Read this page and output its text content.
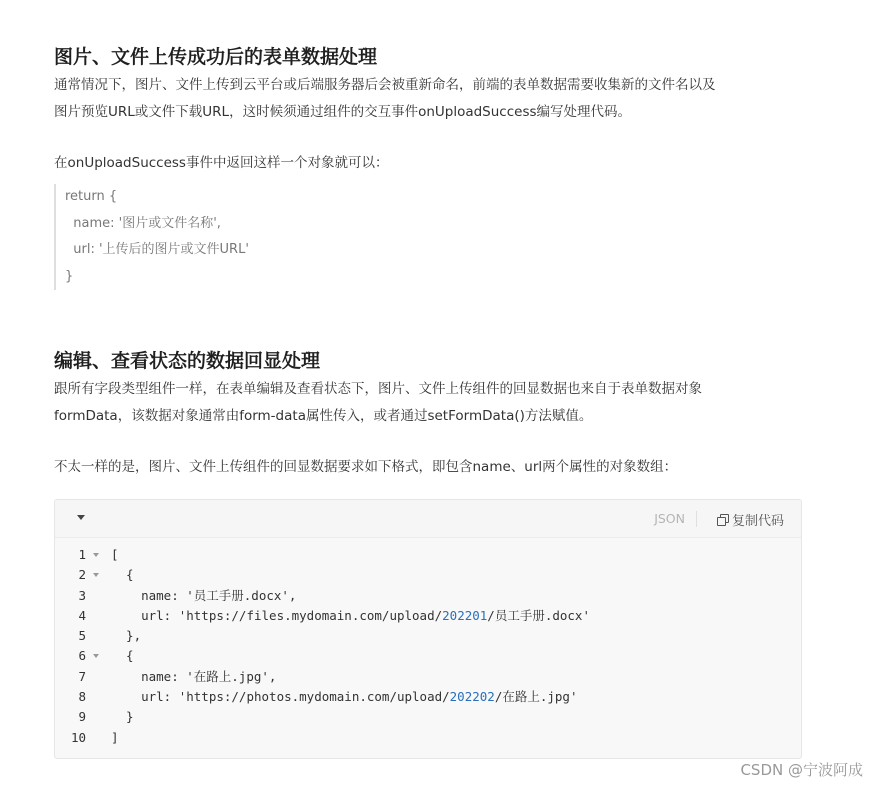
图片、文件上传成功后的表单数据处理

通常情况下，图片、文件上传到云平台或后端服务器后会被重新命名，前端的表单数据需要收集新的文件名以及

图片预览URL或文件下载URL，这时候须通过组件的交互事件onUploadSuccess编写处理代码。

在onUploadSuccess事件中返回这样一个对象就可以：

return {
name: '图片或文件名称',
url: '上传后的图片或文件URL'
}
编辑、查看状态的数据回显处理

跟所有字段类型组件一样，在表单编辑及查看状态下，图片、文件上传组件的回显数据也来自于表单数据对象

formData，该数据对象通常由form-data属性传入，或者通过setFormData()方法赋值。

不太一样的是，图片、文件上传组件的回显数据要求如下格式，即包含name、url两个属性的对象数组：

JSON	复制代码
1 [
2 {
3 name: '员工手册.docx',
4 url: 'https://files.mydomain.com/upload/202201/员工手册.docx'
5 },
6 {
7 name: '在路上.jpg',
8 url: 'https://photos.mydomain.com/upload/202202/在路上.jpg'
9 }
10 ]
CSDN @宁波阿成
